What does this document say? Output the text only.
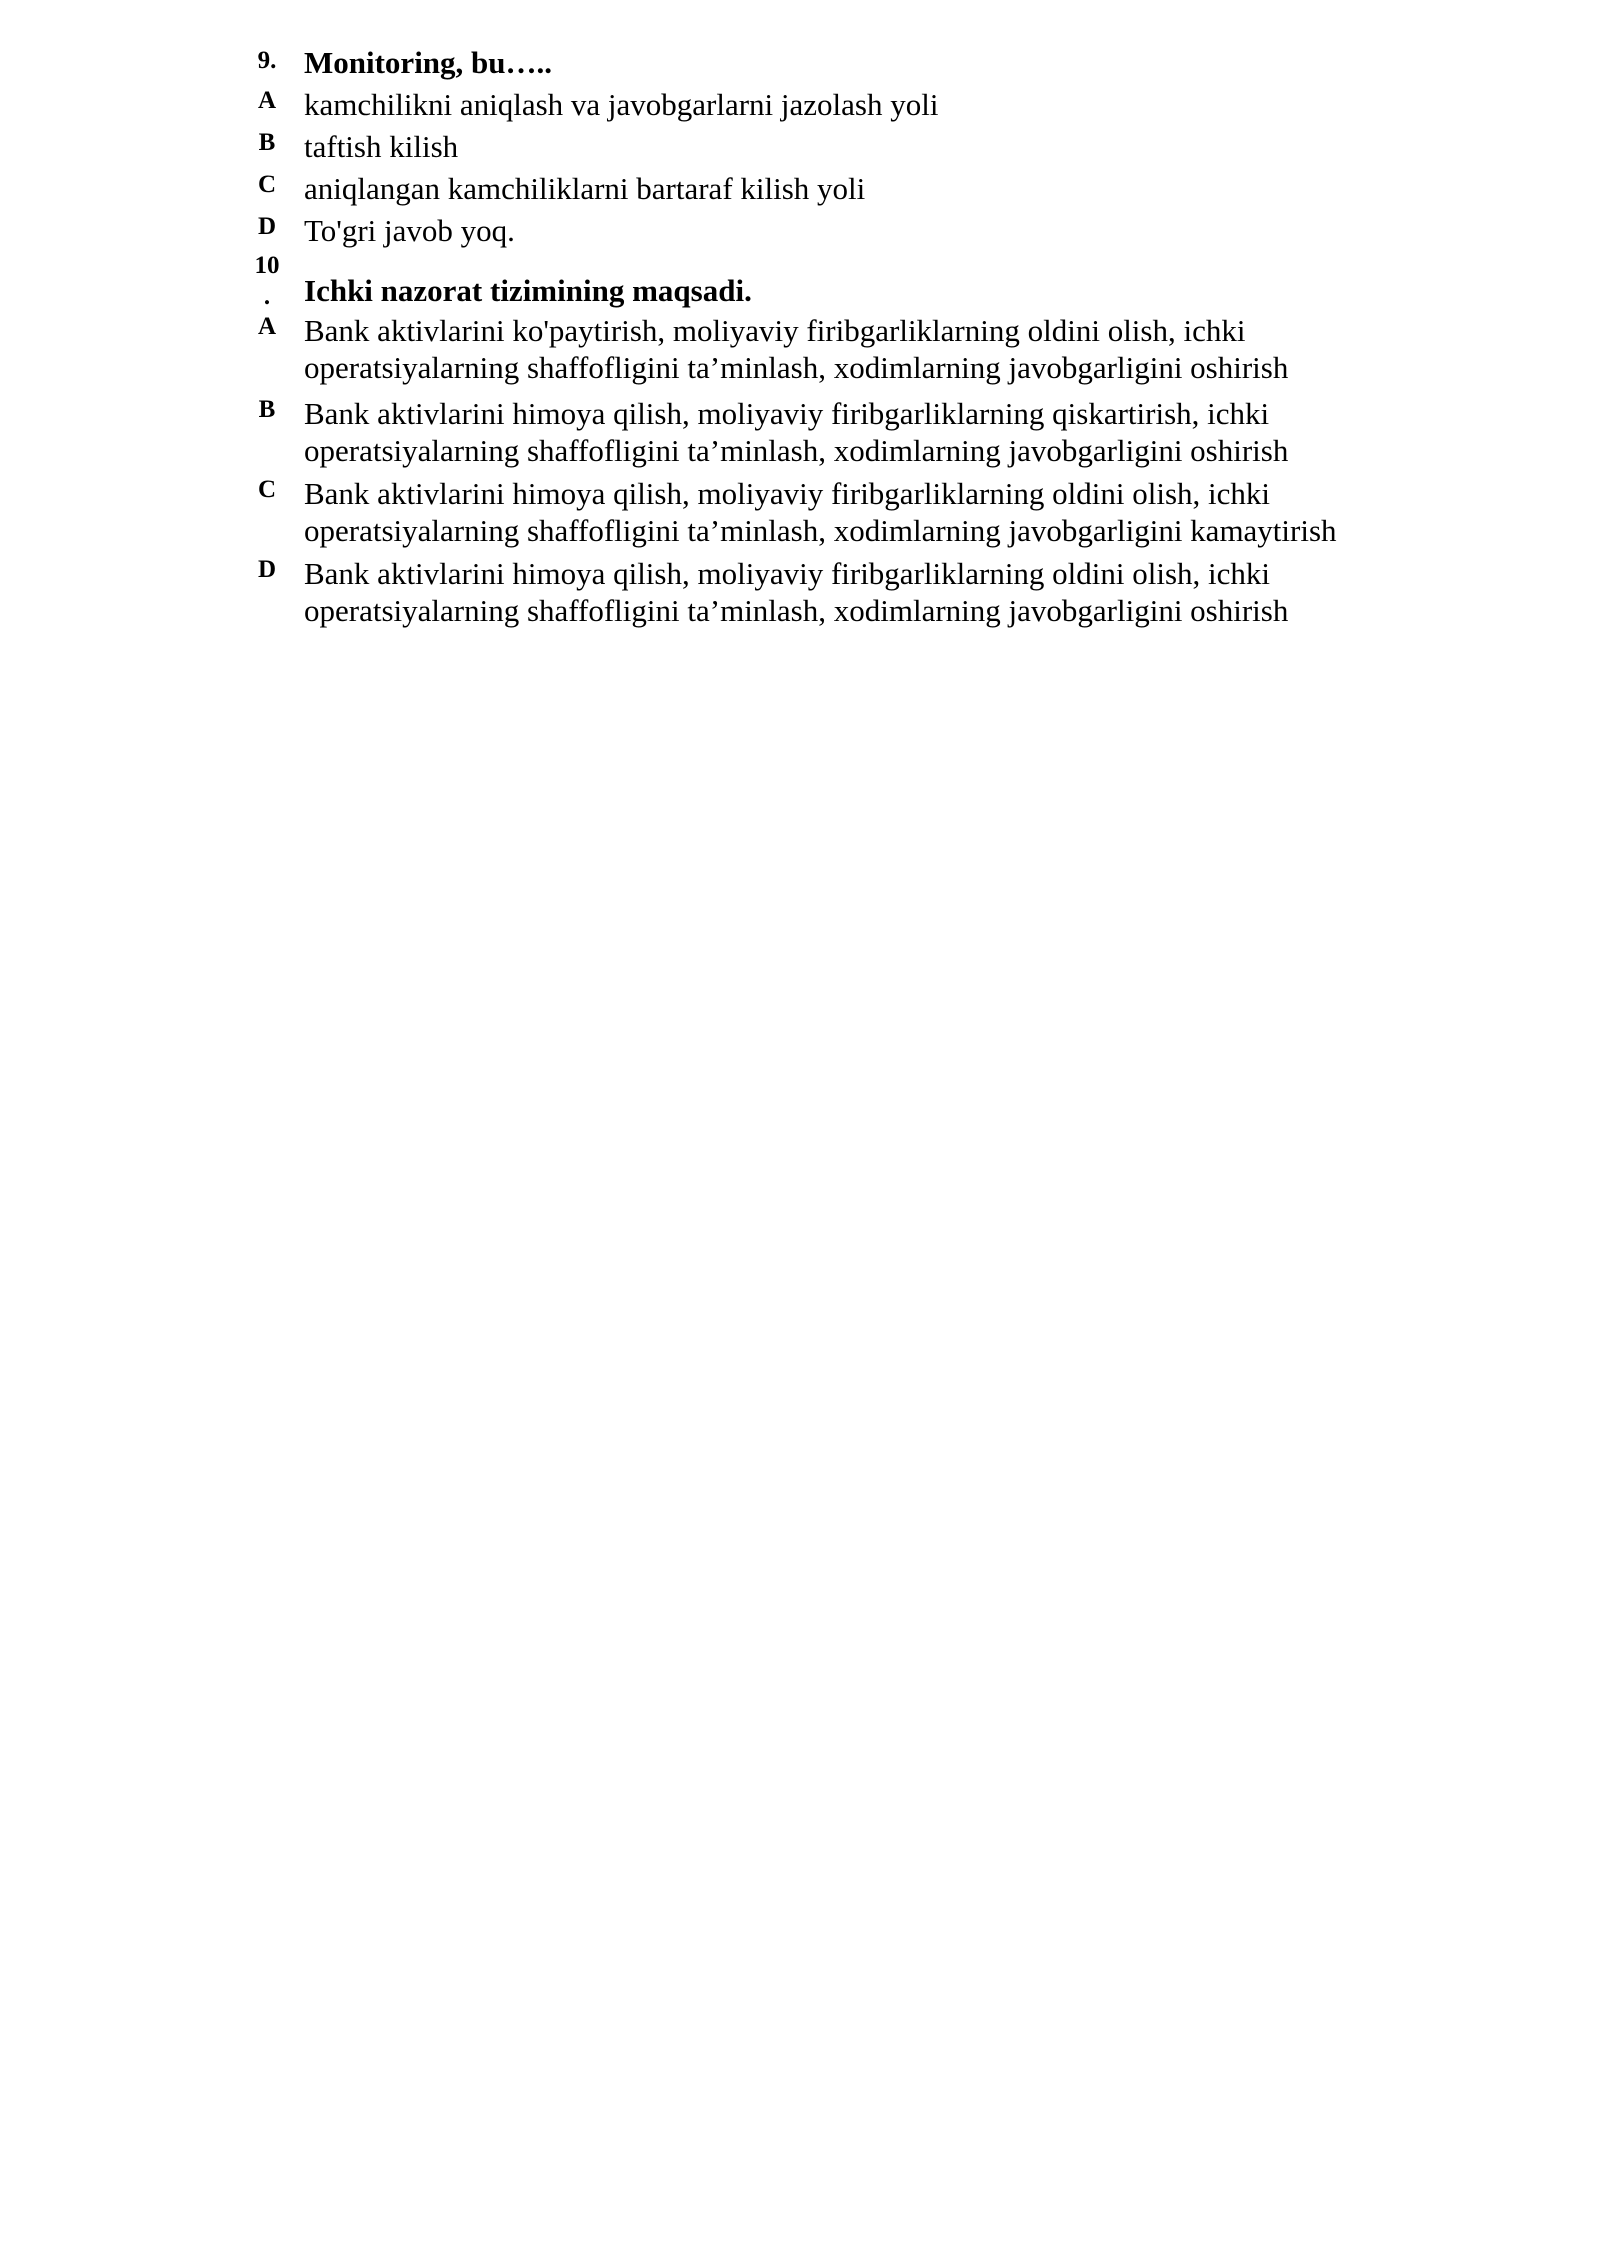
9. Monitoring, bu…..
A kamchilikni aniqlash va javobgarlarni jazolash yoli
B taftish kilish
C aniqlangan kamchiliklarni bartaraf kilish yoli
D To'gri javob yoq.
10
.	Ichki nazorat tizimining maqsadi.
A Bank aktivlarini ko'paytirish, moliyaviy firibgarliklarning oldini olish, ichki operatsiyalarning shaffofligini ta’minlash, xodimlarning javobgarligini oshirish
B Bank aktivlarini himoya qilish, moliyaviy firibgarliklarning qiskartirish, ichki operatsiyalarning shaffofligini ta’minlash, xodimlarning javobgarligini oshirish
C Bank aktivlarini himoya qilish, moliyaviy firibgarliklarning oldini olish, ichki operatsiyalarning shaffofligini ta’minlash, xodimlarning javobgarligini kamaytirish
D Bank aktivlarini himoya qilish, moliyaviy firibgarliklarning oldini olish, ichki operatsiyalarning shaffofligini ta’minlash, xodimlarning javobgarligini oshirish
